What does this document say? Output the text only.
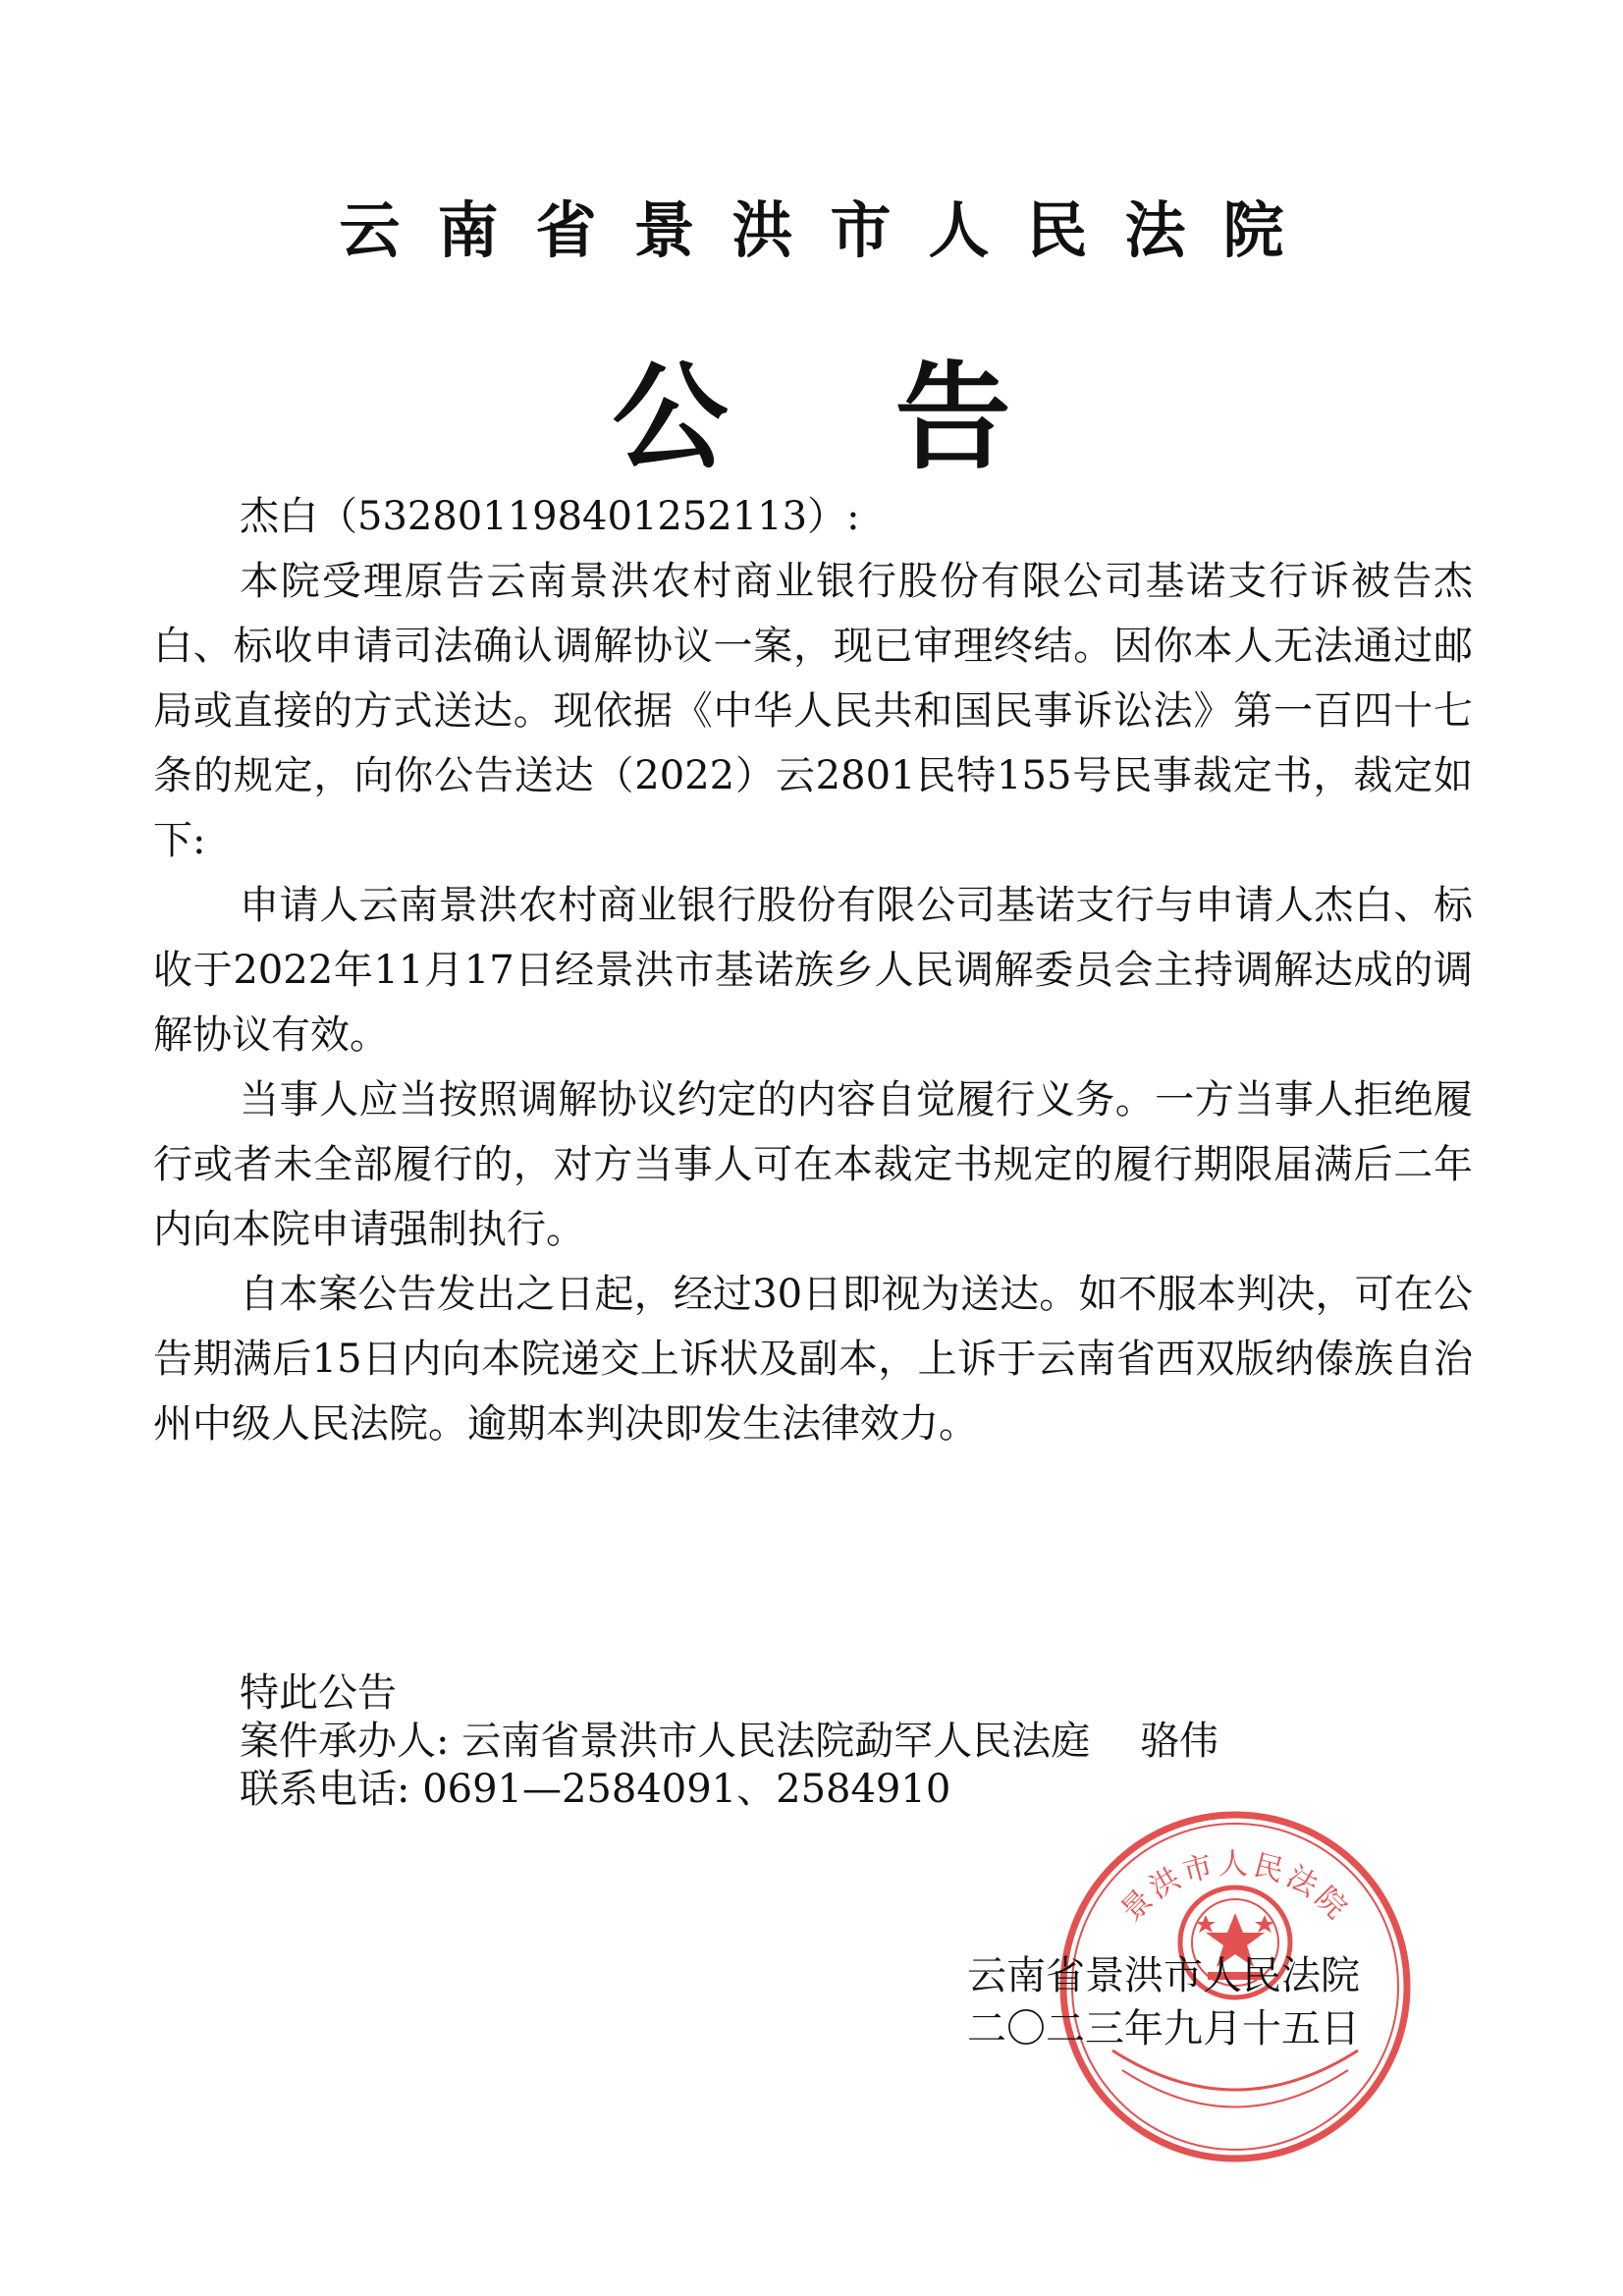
云南省景洪市人民法院
公告

杰白（532801198401252113）:

本院受理原告云南景洪农村商业银行股份有限公司基诺支行诉被告杰白、标收申请司法确认调解协议一案，现已审理终结。因你本人无法通过邮局或直接的方式送达。现依据《中华人民共和国民事诉讼法》第一百四十七条的规定，向你公告送达（2022）云2801民特155号民事裁定书，裁定如下:

申请人云南景洪农村商业银行股份有限公司基诺支行与申请人杰白、标收于2022年11月17日经景洪市基诺族乡人民调解委员会主持调解达成的调解协议有效。

当事人应当按照调解协议约定的内容自觉履行义务。一方当事人拒绝履行或者未全部履行的，对方当事人可在本裁定书规定的履行期限届满后二年内向本院申请强制执行。

自本案公告发出之日起，经过30日即视为送达。如不服本判决，可在公告期满后15日内向本院递交上诉状及副本，上诉于云南省西双版纳傣族自治州中级人民法院。逾期本判决即发生法律效力。

特此公告
案件承办人: 云南省景洪市人民法院勐罕人民法庭    骆伟
联系电话: 0691—2584091、2584910
景洪市人民法院
云南省景洪市人民法院
二〇二三年九月十五日
